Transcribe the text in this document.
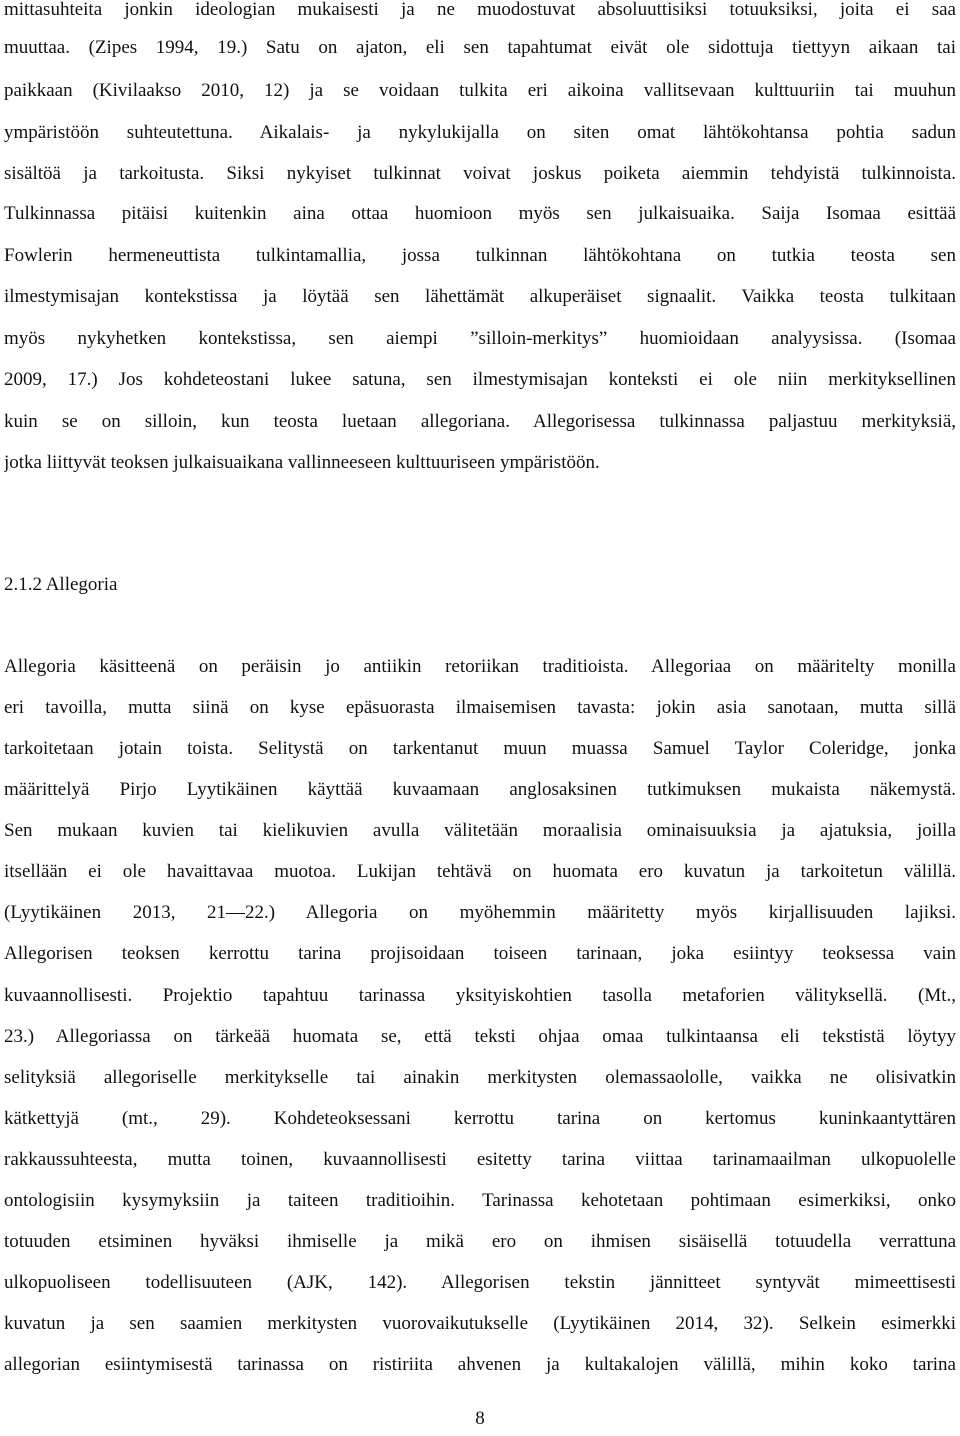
mittasuhteita jonkin ideologian mukaisesti ja ne muodostuvat absoluuttisiksi totuuksiksi, joita ei saa
muuttaa. (Zipes 1994, 19.) Satu on ajaton, eli sen tapahtumat eivät ole sidottuja tiettyyn aikaan tai
paikkaan (Kivilaakso 2010, 12) ja se voidaan tulkita eri aikoina vallitsevaan kulttuuriin tai muuhun
ympäristöön suhteutettuna. Aikalais- ja nykylukijalla on siten omat lähtökohtansa pohtia sadun
sisältöä ja tarkoitusta. Siksi nykyiset tulkinnat voivat joskus poiketa aiemmin tehdyistä tulkinnoista.
Tulkinnassa pitäisi kuitenkin aina ottaa huomioon myös sen julkaisuaika. Saija Isomaa esittää
Fowlerin hermeneuttista tulkintamallia, jossa tulkinnan lähtökohtana on tutkia teosta sen
ilmestymisajan kontekstissa ja löytää sen lähettämät alkuperäiset signaalit. Vaikka teosta tulkitaan
myös nykyhetken kontekstissa, sen aiempi ”silloin-merkitys” huomioidaan analyysissa. (Isomaa
2009, 17.) Jos kohdeteostani lukee satuna, sen ilmestymisajan konteksti ei ole niin merkityksellinen
kuin se on silloin, kun teosta luetaan allegoriana. Allegorisessa tulkinnassa paljastuu merkityksiä,
jotka liittyvät teoksen julkaisuaikana vallinneeseen kulttuuriseen ympäristöön.
2.1.2 Allegoria
Allegoria käsitteenä on peräisin jo antiikin retoriikan traditioista. Allegoriaa on määritelty monilla
eri tavoilla, mutta siinä on kyse epäsuorasta ilmaisemisen tavasta: jokin asia sanotaan, mutta sillä
tarkoitetaan jotain toista. Selitystä on tarkentanut muun muassa Samuel Taylor Coleridge, jonka
määrittelyä Pirjo Lyytikäinen käyttää kuvaamaan anglosaksinen tutkimuksen mukaista näkemystä.
Sen mukaan kuvien tai kielikuvien avulla välitetään moraalisia ominaisuuksia ja ajatuksia, joilla
itsellään ei ole havaittavaa muotoa. Lukijan tehtävä on huomata ero kuvatun ja tarkoitetun välillä.
(Lyytikäinen 2013, 21—22.) Allegoria on myöhemmin määritetty myös kirjallisuuden lajiksi.
Allegorisen teoksen kerrottu tarina projisoidaan toiseen tarinaan, joka esiintyy teoksessa vain
kuvaannollisesti. Projektio tapahtuu tarinassa yksityiskohtien tasolla metaforien välityksellä. (Mt.,
23.) Allegoriassa on tärkeää huomata se, että teksti ohjaa omaa tulkintaansa eli tekstistä löytyy
selityksiä allegoriselle merkitykselle tai ainakin merkitysten olemassaololle, vaikka ne olisivatkin
kätkettyjä (mt., 29). Kohdeteoksessani kerrottu tarina on kertomus kuninkaantyttären
rakkaussuhteesta, mutta toinen, kuvaannollisesti esitetty tarina viittaa tarinamaailman ulkopuolelle
ontologisiin kysymyksiin ja taiteen traditioihin. Tarinassa kehotetaan pohtimaan esimerkiksi, onko
totuuden etsiminen hyväksi ihmiselle ja mikä ero on ihmisen sisäisellä totuudella verrattuna
ulkopuoliseen todellisuuteen (AJK, 142). Allegorisen tekstin jännitteet syntyvät mimeettisesti
kuvatun ja sen saamien merkitysten vuorovaikutukselle (Lyytikäinen 2014, 32). Selkein esimerkki
allegorian esiintymisestä tarinassa on ristiriita ahvenen ja kultakalojen välillä, mihin koko tarina
8
